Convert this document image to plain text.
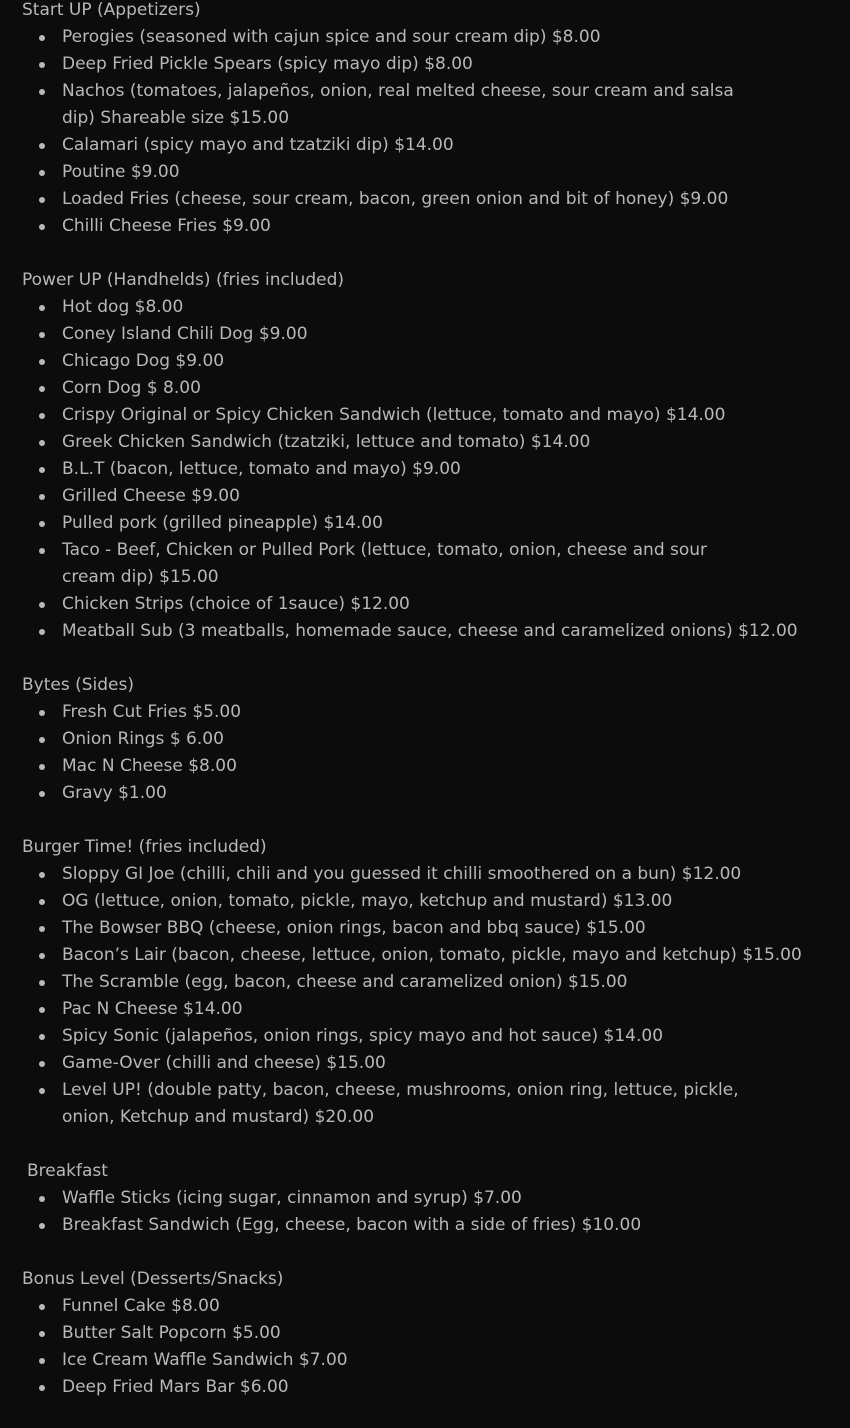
Start UP (Appetizers)

Perogies (seasoned with cajun spice and sour cream dip) $8.00
Deep Fried Pickle Spears (spicy mayo dip) $8.00
Nachos (tomatoes, jalapeños, onion, real melted cheese, sour cream and salsa dip) Shareable size $15.00
Calamari (spicy mayo and tzatziki dip) $14.00
Poutine $9.00
Loaded Fries (cheese, sour cream, bacon, green onion and bit of honey) $9.00
Chilli Cheese Fries $9.00

Power UP (Handhelds) (fries included)

Hot dog $8.00
Coney Island Chili Dog $9.00
Chicago Dog $9.00
Corn Dog $ 8.00
Crispy Original or Spicy Chicken Sandwich (lettuce, tomato and mayo) $14.00
Greek Chicken Sandwich (tzatziki, lettuce and tomato) $14.00
B.L.T (bacon, lettuce, tomato and mayo) $9.00
Grilled Cheese $9.00
Pulled pork (grilled pineapple) $14.00
Taco - Beef, Chicken or Pulled Pork (lettuce, tomato, onion, cheese and sour cream dip) $15.00
Chicken Strips (choice of 1sauce) $12.00
Meatball Sub (3 meatballs, homemade sauce, cheese and caramelized onions) $12.00

Bytes (Sides)

Fresh Cut Fries $5.00
Onion Rings $ 6.00
Mac N Cheese $8.00
Gravy $1.00

Burger Time! (fries included)

Sloppy GI Joe (chilli, chili and you guessed it chilli smoothered on a bun) $12.00
OG (lettuce, onion, tomato, pickle, mayo, ketchup and mustard) $13.00
The Bowser BBQ (cheese, onion rings, bacon and bbq sauce) $15.00
Bacon’s Lair (bacon, cheese, lettuce, onion, tomato, pickle, mayo and ketchup) $15.00
The Scramble (egg, bacon, cheese and caramelized onion) $15.00
Pac N Cheese $14.00
Spicy Sonic (jalapeños, onion rings, spicy mayo and hot sauce) $14.00
Game-Over (chilli and cheese) $15.00
Level UP! (double patty, bacon, cheese, mushrooms, onion ring, lettuce, pickle, onion, Ketchup and mustard) $20.00

Breakfast

Waffle Sticks (icing sugar, cinnamon and syrup) $7.00
Breakfast Sandwich (Egg, cheese, bacon with a side of fries) $10.00

Bonus Level (Desserts/Snacks)

Funnel Cake $8.00
Butter Salt Popcorn $5.00
Ice Cream Waffle Sandwich $7.00
Deep Fried Mars Bar $6.00
